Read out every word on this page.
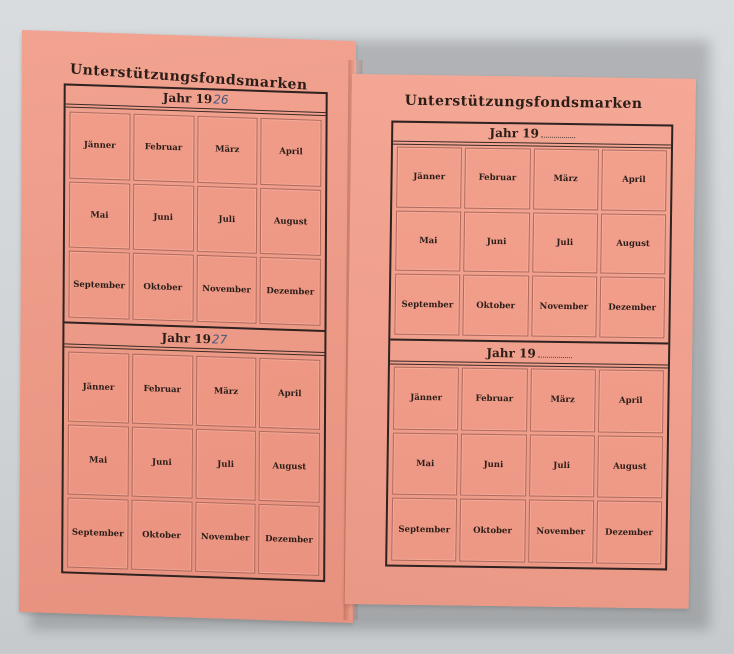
Unterstützungsfondsmarken
Jahr 1926
Jänner	Februar	März	April
Mai	Juni	Juli	August
September	Oktober	November	Dezember
Jahr 1927
Jänner	Februar	März	April
Mai	Juni	Juli	August
September	Oktober	November	Dezember
Unterstützungsfondsmarken
Jahr 19
Jänner	Februar	März	April
Mai	Juni	Juli	August
September	Oktober	November	Dezember
Jahr 19
Jänner	Februar	März	April
Mai	Juni	Juli	August
September	Oktober	November	Dezember
